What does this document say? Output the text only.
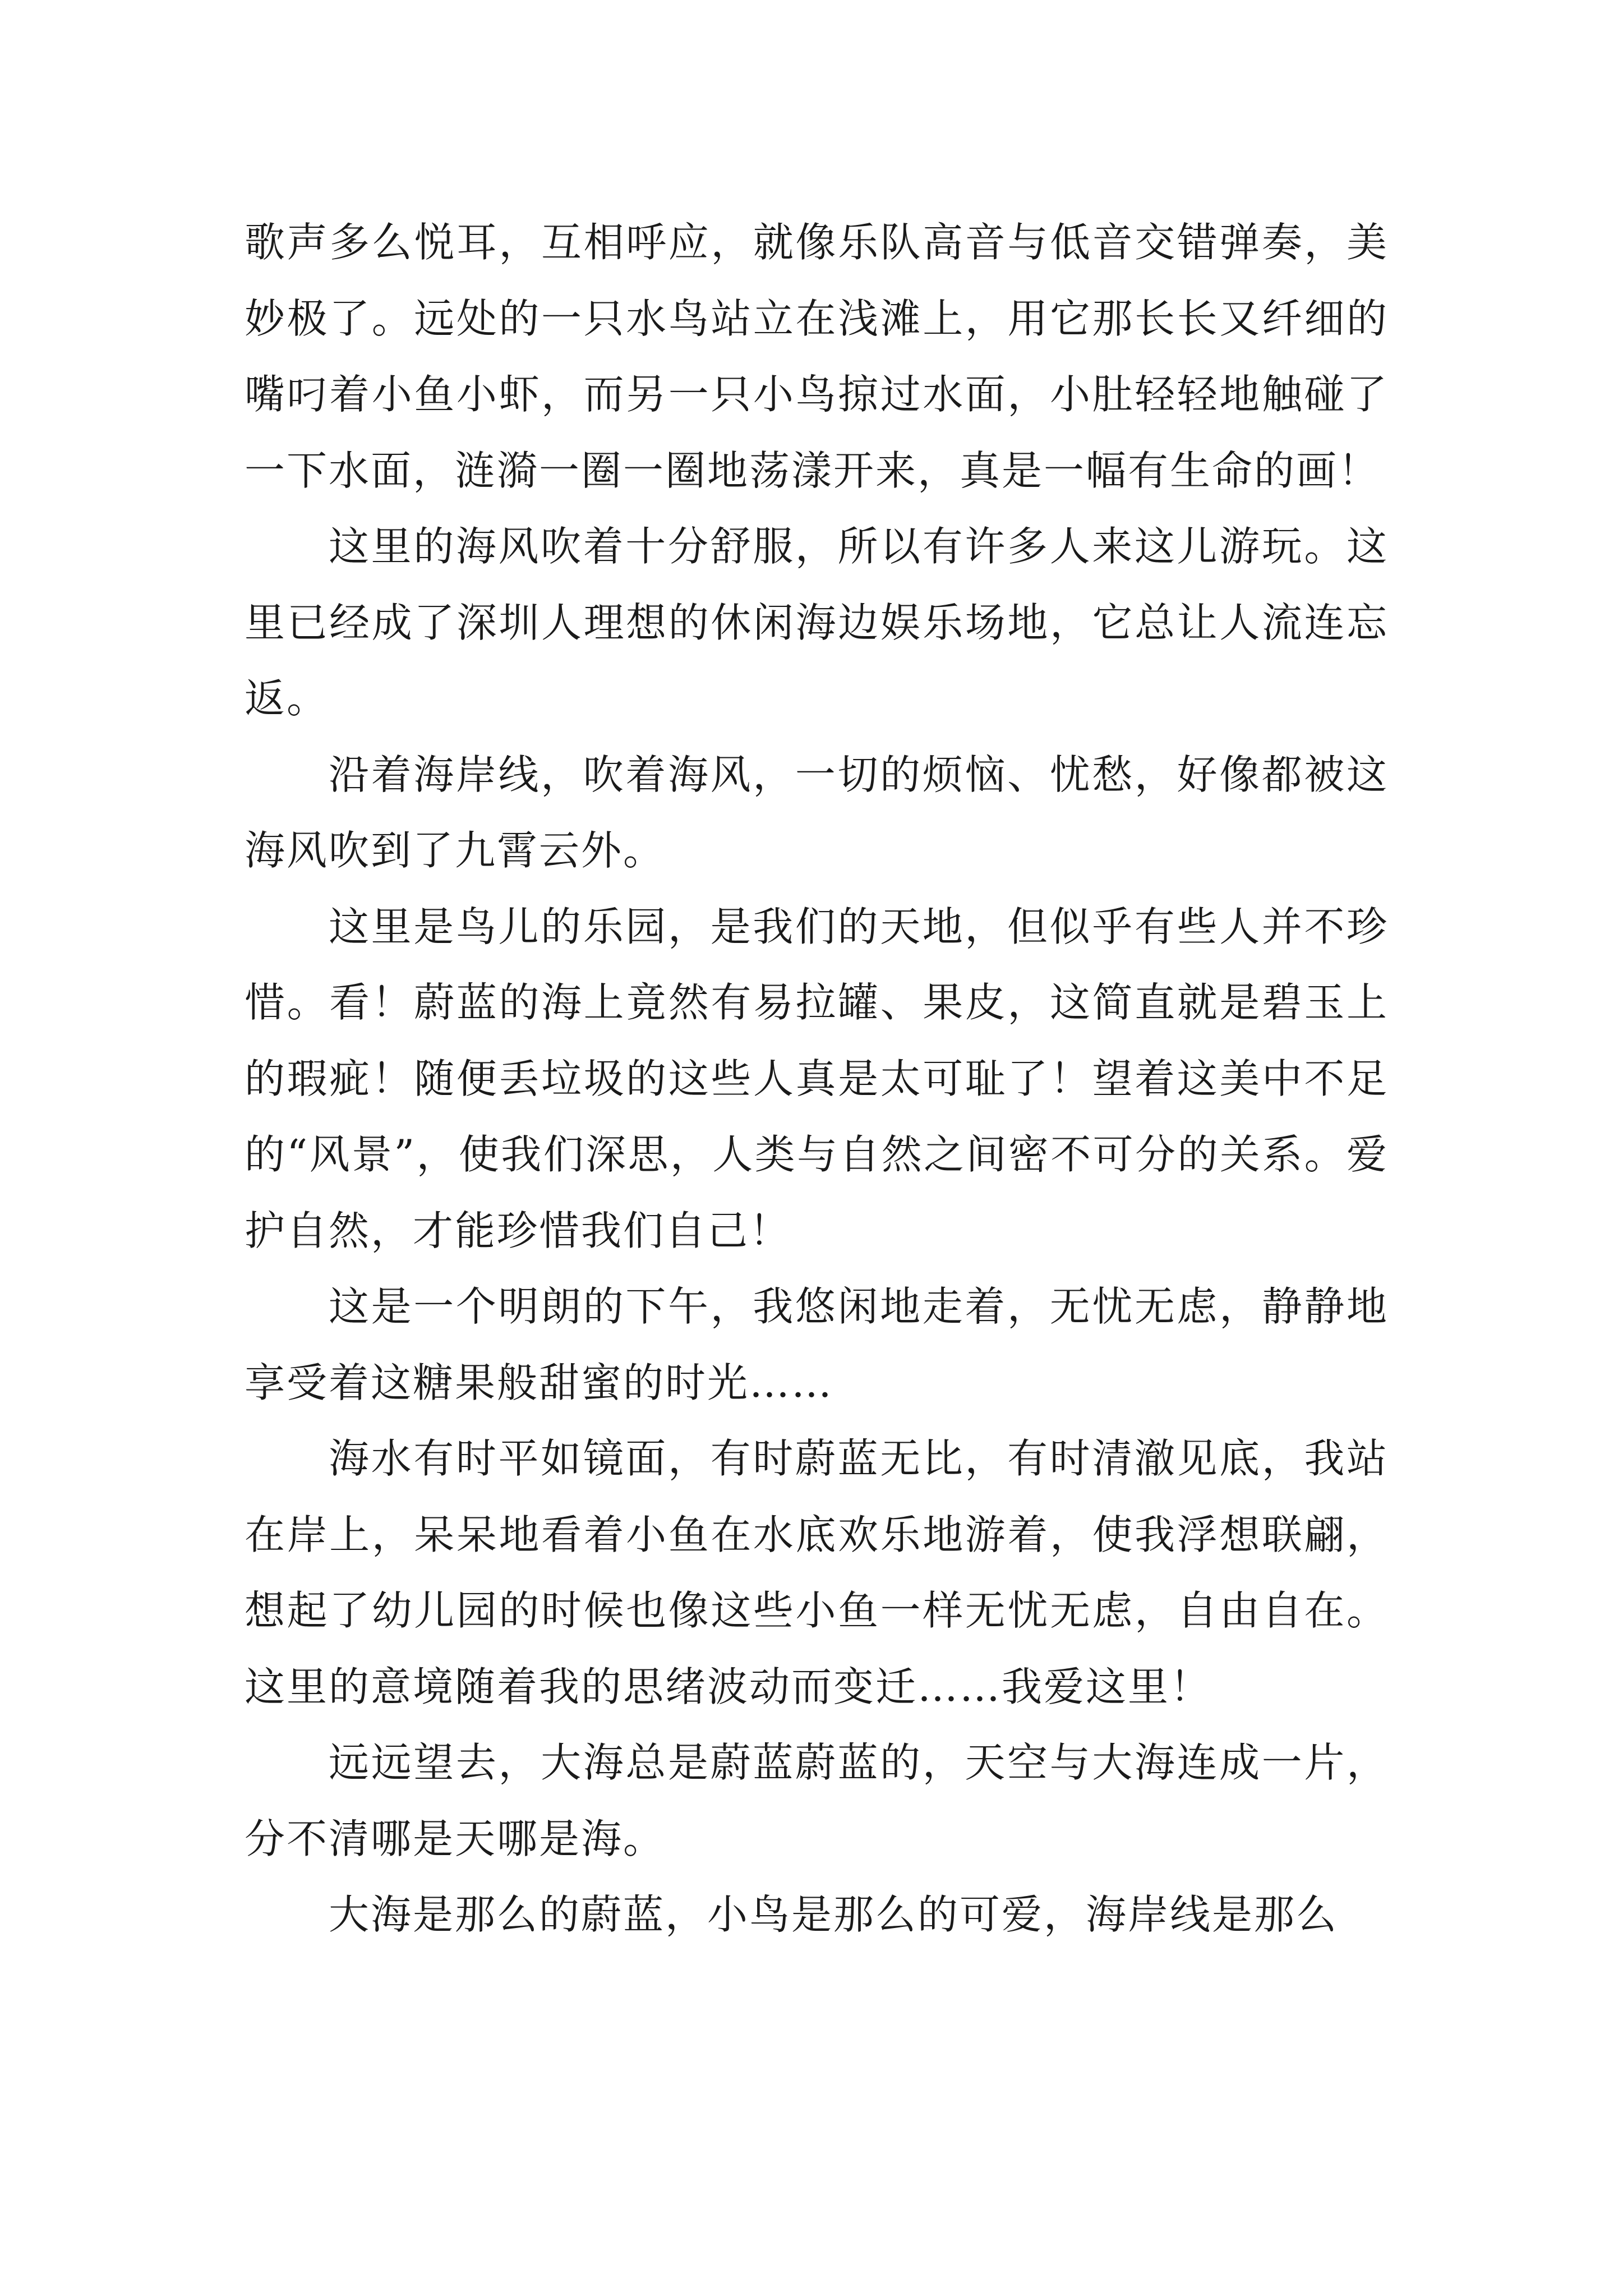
歌声多么悦耳，互相呼应，就像乐队高音与低音交错弹奏，美妙极了。远处的一只水鸟站立在浅滩上，用它那长长又纤细的嘴叼着小鱼小虾，而另一只小鸟掠过水面，小肚轻轻地触碰了一下水面，涟漪一圈一圈地荡漾开来，真是一幅有生命的画！

这里的海风吹着十分舒服，所以有许多人来这儿游玩。这里已经成了深圳人理想的休闲海边娱乐场地，它总让人流连忘返。

沿着海岸线，吹着海风，一切的烦恼、忧愁，好像都被这海风吹到了九霄云外。

这里是鸟儿的乐园，是我们的天地，但似乎有些人并不珍惜。看！蔚蓝的海上竟然有易拉罐、果皮，这简直就是碧玉上的瑕疵！随便丢垃圾的这些人真是太可耻了！望着这美中不足的“风景”，使我们深思，人类与自然之间密不可分的关系。爱护自然，才能珍惜我们自己！

这是一个明朗的下午，我悠闲地走着，无忧无虑，静静地享受着这糖果般甜蜜的时光……

海水有时平如镜面，有时蔚蓝无比，有时清澈见底，我站在岸上，呆呆地看着小鱼在水底欢乐地游着，使我浮想联翩，想起了幼儿园的时候也像这些小鱼一样无忧无虑，自由自在。这里的意境随着我的思绪波动而变迁……我爱这里！

远远望去，大海总是蔚蓝蔚蓝的，天空与大海连成一片，分不清哪是天哪是海。

大海是那么的蔚蓝，小鸟是那么的可爱，海岸线是那么
